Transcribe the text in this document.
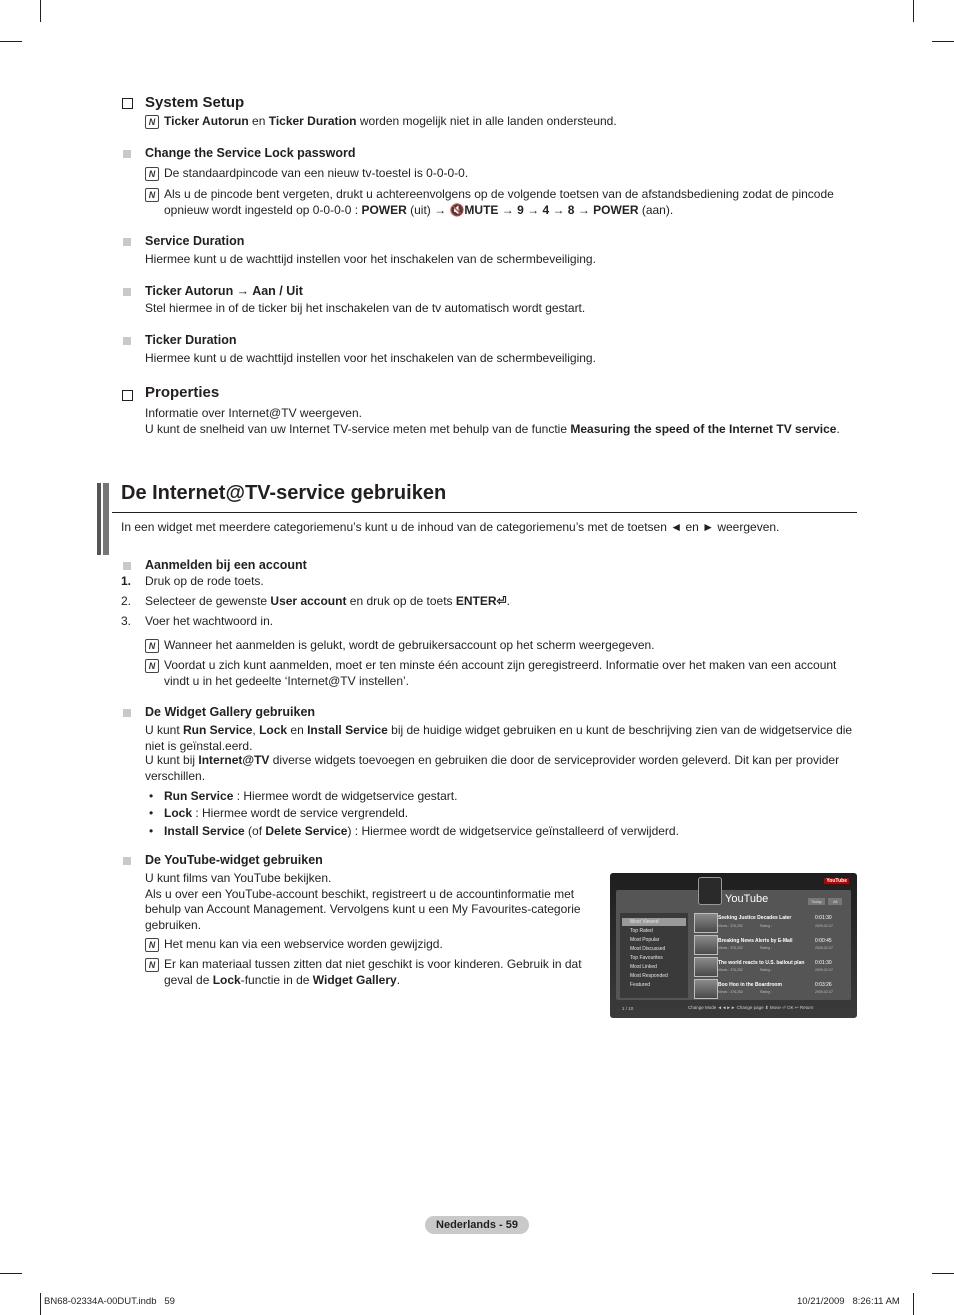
System Setup
N Ticker Autorun en Ticker Duration worden mogelijk niet in alle landen ondersteund.
Change the Service Lock password
N De standaardpincode van een nieuw tv-toestel is 0-0-0-0.
N Als u de pincode bent vergeten, drukt u achtereenvolgens op de volgende toetsen van de afstandsbediening zodat de pincode opnieuw wordt ingesteld op 0-0-0-0 : POWER (uit) → 🔇MUTE → 9 → 4 → 8 → POWER (aan).
Service Duration
Hiermee kunt u de wachttijd instellen voor het inschakelen van de schermbeveiliging.
Ticker Autorun → Aan / Uit
Stel hiermee in of de ticker bij het inschakelen van de tv automatisch wordt gestart.
Ticker Duration
Hiermee kunt u de wachttijd instellen voor het inschakelen van de schermbeveiliging.
Properties
Informatie over Internet@TV weergeven.
U kunt de snelheid van uw Internet TV-service meten met behulp van de functie Measuring the speed of the Internet TV service.
De Internet@TV-service gebruiken
In een widget met meerdere categoriemenu’s kunt u de inhoud van de categoriemenu’s met de toetsen ◄ en ► weergeven.
Aanmelden bij een account
1. Druk op de rode toets.
2. Selecteer de gewenste User account en druk op de toets ENTER⏎.
3. Voer het wachtwoord in.
N Wanneer het aanmelden is gelukt, wordt de gebruikersaccount op het scherm weergegeven.
N Voordat u zich kunt aanmelden, moet er ten minste één account zijn geregistreerd. Informatie over het maken van een account vindt u in het gedeelte ‘Internet@TV instellen’.
De Widget Gallery gebruiken
U kunt Run Service, Lock en Install Service bij de huidige widget gebruiken en u kunt de beschrijving zien van de widgetservice die niet is geïnstal.eerd.
U kunt bij Internet@TV diverse widgets toevoegen en gebruiken die door de serviceprovider worden geleverd. Dit kan per provider verschillen.
• Run Service : Hiermee wordt de widgetservice gestart.
• Lock : Hiermee wordt de service vergrendeld.
• Install Service (of Delete Service) : Hiermee wordt de widgetservice geïnstalleerd of verwijderd.
De YouTube-widget gebruiken
U kunt films van YouTube bekijken.
Als u over een YouTube-account beschikt, registreert u de accountinformatie met behulp van Account Management. Vervolgens kunt u een My Favourites-categorie gebruiken.
N Het menu kan via een webservice worden gewijzigd.
N Er kan materiaal tussen zitten dat niet geschikt is voor kinderen. Gebruik in dat geval de Lock-functie in de Widget Gallery.
YouTube
YouTube	Today	All
Most Viewed
Top Rated
Most Popular
Most Discussed
Top Favourites
Most Linked
Most Responded
Featured
Seeking Justice Decades Later	0:01:30
Views : 376,252	Rating :	2009-02-07
Breaking News Alerts by E-Mail	0:00:45
Views : 376,252	Rating :	2009-02-07
The world reacts to U.S. bailout plan 0:01:30
Views : 376,252	Rating :	2009-02-07
Boo Hoo in the Boardroom	0:03:26
Views : 376,252	Rating :	2009-02-07
1 / 10	Change Mode ◄◄►► Change page ⬍ Move ⏎ OK ↩ Return
Nederlands - 59
BN68-02334A-00DUT.indb   59	10/21/2009   8:26:11 AM
